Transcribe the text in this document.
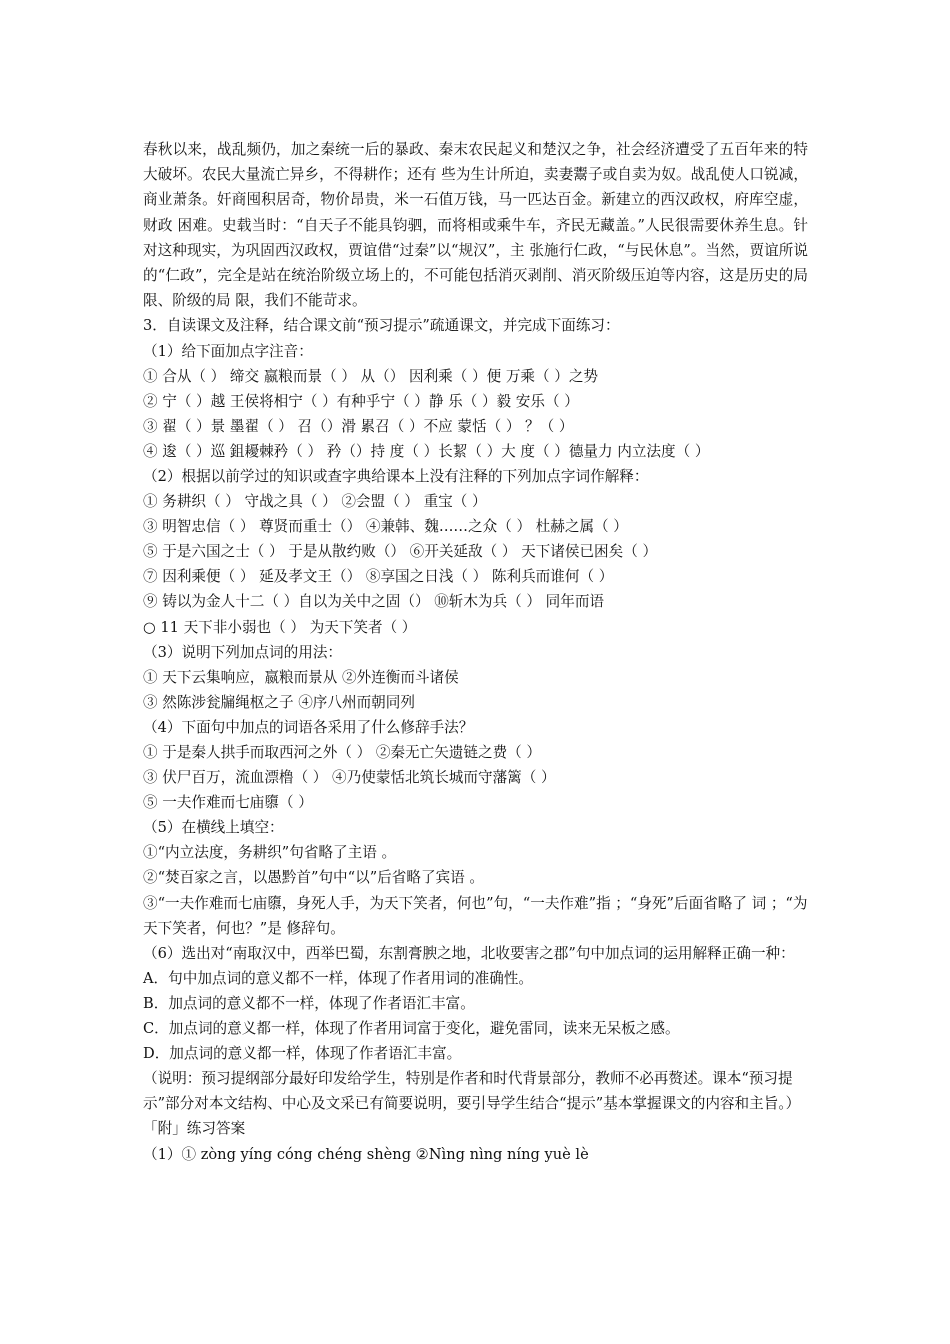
春秋以来，战乱频仍，加之秦统一后的暴政、秦末农民起义和楚汉之争，社会经济遭受了五百年来的特大破坏。农民大量流亡异乡，不得耕作；还有 些为生计所迫，卖妻鬻子或自卖为奴。战乱使人口锐减，商业萧条。奸商囤积居奇，物价昂贵，米一石值万钱，马一匹达百金。新建立的西汉政权，府库空虚，财政 困难。史载当时：“自天子不能具钧驷，而将相或乘牛车，齐民无藏盖。”人民很需要休养生息。针对这种现实，为巩固西汉政权，贾谊借“过秦”以“规汉”，主 张施行仁政，“与民休息”。当然，贾谊所说的“仁政”，完全是站在统治阶级立场上的，不可能包括消灭剥削、消灭阶级压迫等内容，这是历史的局限、阶级的局 限，我们不能苛求。

3．自读课文及注释，结合课文前“预习提示”疏通课文，并完成下面练习：

（1）给下面加点字注音：

① 合从（ ） 缔交 嬴粮而景（ ） 从（） 因利乘（ ）便 万乘（ ）之势

② 宁（ ）越 王侯将相宁（ ）有种乎宁（ ）静 乐（ ）毅 安乐（ ）

③ 翟（ ）景 墨翟（ ） 召（）滑 累召（ ）不应 蒙恬（ ） ？（ ）

④ 逡（ ）巡 鉏耰棘矜（ ） 矜（）持 度（ ）长絜（ ）大 度（ ）德量力 内立法度（ ）

（2）根据以前学过的知识或查字典给课本上没有注释的下列加点字词作解释：

① 务耕织（ ） 守战之具（ ） ②会盟（ ） 重宝（ ）

③ 明智忠信（ ） 尊贤而重士（） ④兼韩、魏……之众（ ） 杜赫之属（ ）

⑤ 于是六国之士（ ） 于是从散约败（） ⑥开关延敌（ ） 天下诸侯已困矣（ ）

⑦ 因利乘便（ ） 延及孝文王（） ⑧享国之日浅（ ） 陈利兵而谁何（ ）

⑨ 铸以为金人十二（ ）自以为关中之固（） ⑩斩木为兵（ ） 同年而语

○ 11 天下非小弱也（ ） 为天下笑者（ ）

（3）说明下列加点词的用法：

① 天下云集响应，嬴粮而景从 ②外连衡而斗诸侯

③ 然陈涉瓮牖绳枢之子 ④序八州而朝同列

（4）下面句中加点的词语各采用了什么修辞手法？

① 于是秦人拱手而取西河之外（ ） ②秦无亡矢遗链之费（ ）

③ 伏尸百万，流血漂橹（ ） ④乃使蒙恬北筑长城而守藩篱（ ）

⑤ 一夫作难而七庙隳（ ）

（5）在横线上填空：

①“内立法度，务耕织”句省略了主语 。

②“焚百家之言，以愚黔首”句中“以”后省略了宾语 。

③“一夫作难而七庙隳，身死人手，为天下笑者，何也”句，“一夫作难”指 ；“身死”后面省略了 词 ；“为天下笑者，何也？”是 修辞句。

（6）选出对“南取汉中，西举巴蜀，东割膏腴之地，北收要害之郡”句中加点词的运用解释正确一种：

A．句中加点词的意义都不一样，体现了作者用词的准确性。

B．加点词的意义都不一样，体现了作者语汇丰富。

C．加点词的意义都一样，体现了作者用词富于变化，避免雷同，读来无呆板之感。

D．加点词的意义都一样，体现了作者语汇丰富。

（说明：预习提纲部分最好印发给学生，特别是作者和时代背景部分，教师不必再赘述。课本“预习提示”部分对本文结构、中心及文采已有简要说明，要引导学生结合“提示”基本掌握课文的内容和主旨。）

「附」练习答案

（1）① zòng yíng cóng chéng shèng ②Nìng nìng níng yuè lè
